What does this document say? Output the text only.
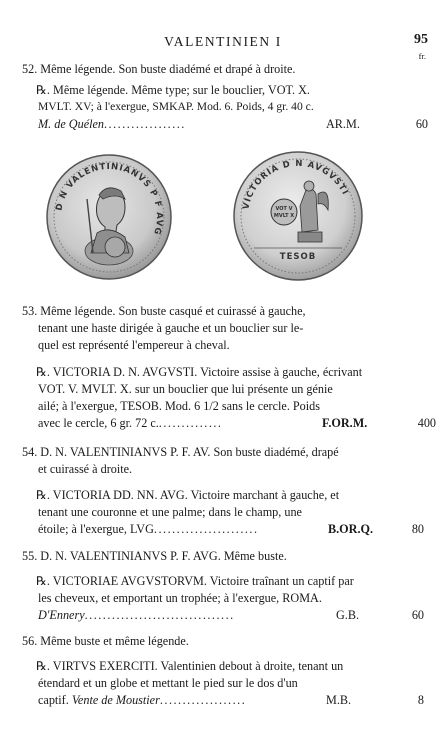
VALENTINIEN I	95
fr.
52. Même légende. Son buste diadémé et drapé à droite.
℞. Même légende. Même type; sur le bouclier, VOT. X.
MVLT. XV; à l'exergue, SMKAP. Mod. 6. Poids, 4 gr. 40 c.
M. de Quélen..................	AR.M.	60
D N VALENTINIANVS P F AVG
VICTORIA D N AVGVSTI
VOT V
MVLT X
TESOB
53. Même légende. Son buste casqué et cuirassé à gauche,
tenant une haste dirigée à gauche et un bouclier sur le-
quel est représenté l'empereur à cheval.
℞. VICTORIA D. N. AVGVSTI. Victoire assise à gauche, écrivant
VOT. V. MVLT. X. sur un bouclier que lui présente un génie
ailé; à l'exergue, TESOB. Mod. 6 1/2 sans le cercle. Poids
avec le cercle, 6 gr. 72 c...............	F.OR.M.	400
54. D. N. VALENTINIANVS P. F. AV. Son buste diadémé, drapé
et cuirassé à droite.
℞. VICTORIA DD. NN. AVG. Victoire marchant à gauche, et
tenant une couronne et une palme; dans le champ, une
étoile; à l'exergue, LVG.......................	B.OR.Q.	80
55. D. N. VALENTINIANVS P. F. AVG. Même buste.
℞. VICTORIAE AVGVSTORVM. Victoire traînant un captif par
les cheveux, et emportant un trophée; à l'exergue, ROMA.
D'Ennery.................................	G.B.	60
56. Même buste et même légende.
℞. VIRTVS EXERCITI. Valentinien debout à droite, tenant un
étendard et un globe et mettant le pied sur le dos d'un
captif. Vente de Moustier...................	M.B.	8
